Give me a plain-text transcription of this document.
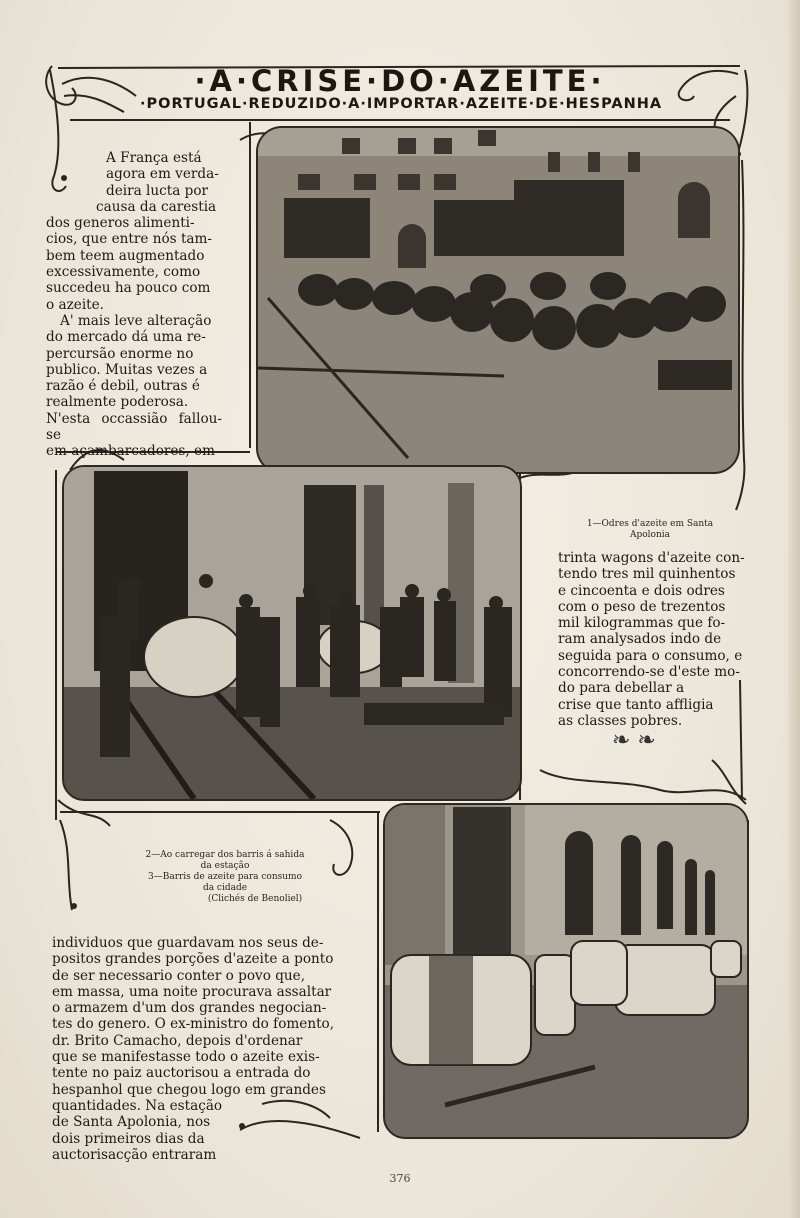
·A·CRISE·DO·AZEITE·
·PORTUGAL·REDUZIDO·A·IMPORTAR·AZEITE·DE·HESPANHA

A França está

agora em verda-

deira lucta por

causa da carestia

dos generos alimenti-

cios, que entre nós tam-

bem teem augmentado

excessivamente, como

succedeu ha pouco com

o azeite.

A' mais leve alteração

do mercado dá uma re-

percursão enorme no

publico. Muitas vezes a

razão é debil, outras é

realmente poderosa.

N'esta occassião fallou-se

em açambarcadores, em

1—Odres d'azeite em Santa
Apolonia

trinta wagons d'azeite con-

tendo tres mil quinhentos

e cincoenta e dois odres

com o peso de trezentos

mil kilogrammas que fo-

ram analysados indo de

seguida para o consumo, e

concorrendo-se d'este mo-

do para debellar a

crise que tanto affligia

as classes pobres.

❧ ❧
2—Ao carregar dos barris á sahida
da estação
3—Barris de azeite para consumo
da cidade
(Clichés de Benoliel)

individuos que guardavam nos seus de-

positos grandes porções d'azeite a ponto

de ser necessario conter o povo que,

em massa, uma noite procurava assaltar

o armazem d'um dos grandes negocian-

tes do genero. O ex-ministro do fomento,

dr. Brito Camacho, depois d'ordenar

que se manifestasse todo o azeite exis-

tente no paiz auctorisou a entrada do

hespanhol que chegou logo em grandes

quantidades. Na estação

de Santa Apolonia, nos

dois primeiros dias da

auctorisacção entraram

376
